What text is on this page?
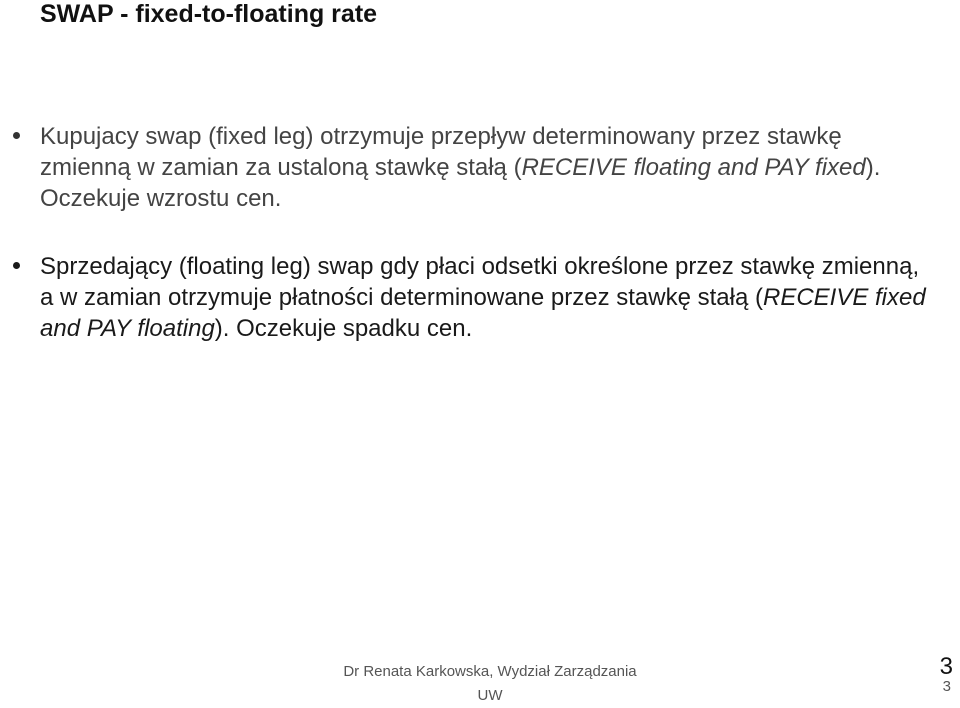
SWAP - fixed-to-floating rate
Kupujacy swap (fixed leg) otrzymuje przepływ determinowany przez stawkę zmienną w zamian za ustaloną stawkę stałą (RECEIVE floating and PAY fixed). Oczekuje wzrostu cen.
Sprzedający (floating leg) swap gdy płaci odsetki określone przez stawkę zmienną, a w zamian otrzymuje płatności determinowane przez stawkę stałą (RECEIVE fixed and PAY floating). Oczekuje spadku cen.
Dr Renata Karkowska, Wydział Zarządzania
UW
3
3
